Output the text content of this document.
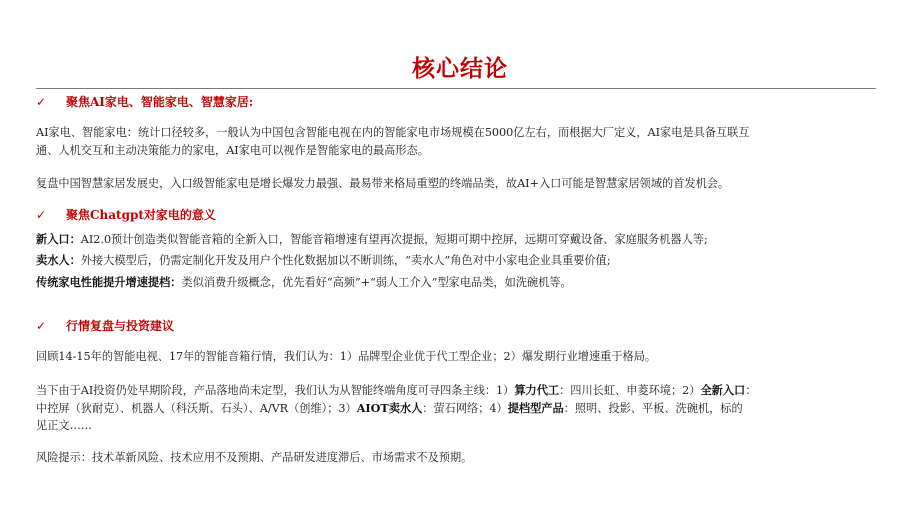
核心结论
✓ 聚焦AI家电、智能家电、智慧家居:
AI家电、智能家电：统计口径较多，一般认为中国包含智能电视在内的智能家电市场规模在5000亿左右，而根据大厂定义，AI家电是具备互联互
通、人机交互和主动决策能力的家电，AI家电可以视作是智能家电的最高形态。
复盘中国智慧家居发展史，入口级智能家电是增长爆发力最强、最易带来格局重塑的终端品类，故AI+入口可能是智慧家居领域的首发机会。
✓ 聚焦Chatgpt对家电的意义
新入口：AI2.0预计创造类似智能音箱的全新入口，智能音箱增速有望再次提振，短期可期中控屏，远期可穿戴设备、家庭服务机器人等;
卖水人：外接大模型后，仍需定制化开发及用户个性化数据加以不断训练，“卖水人”角色对中小家电企业具重要价值;
传统家电性能提升增速提档：类似消费升级概念，优先看好“高频”+“弱人工介入”型家电品类，如洗碗机等。
✓ 行情复盘与投资建议
回顾14-15年的智能电视、17年的智能音箱行情，我们认为：1）品牌型企业优于代工型企业；2）爆发期行业增速重于格局。
当下由于AI投资仍处早期阶段，产品落地尚未定型，我们认为从智能终端角度可寻四条主线：1）算力代工：四川长虹、申菱环境；2）全新入口：
中控屏（狄耐克）、机器人（科沃斯、石头）、A/VR（创维）；3）AIOT卖水人：萤石网络；4）提档型产品：照明、投影、平板、洗碗机，标的
见正文……
风险提示：技术革新风险、技术应用不及预期、产品研发进度滞后、市场需求不及预期。
